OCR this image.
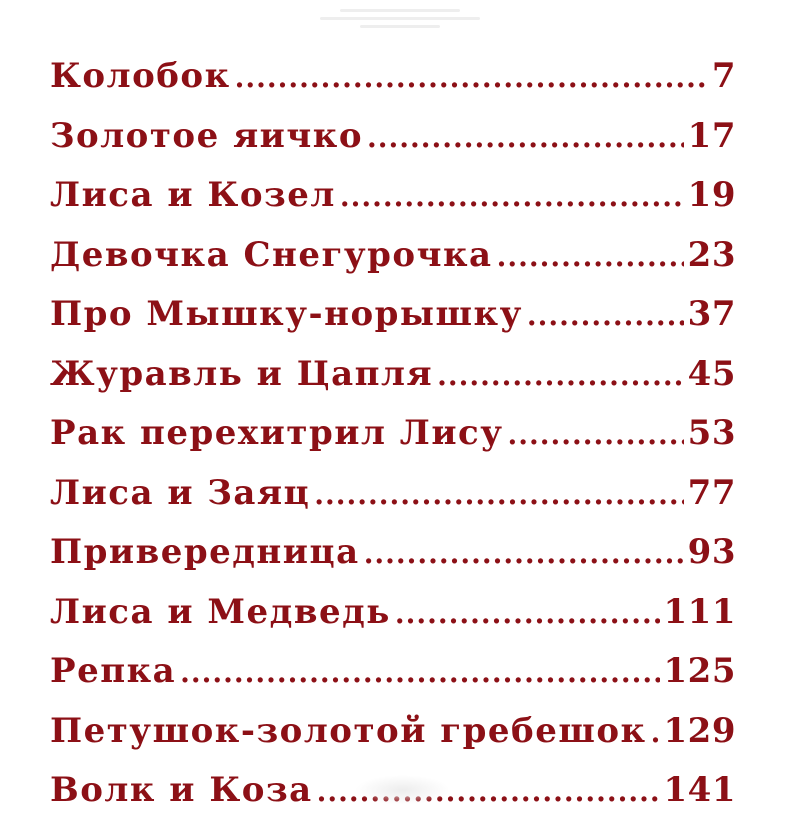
Колобок .....	7
Золотое яичко .....	17
Лиса и Козел .....	19
Девочка Снегурочка .....	23
Про Мышку-норышку .....	37
Журавль и Цапля .....	45
Рак перехитрил Лису .....	53
Лиса и Заяц .....	77
Привередница .....	93
Лиса и Медведь .....	111
Репка .....	125
Петушок-золотой гребешок ..... 129
Волк и Коза .....	141
